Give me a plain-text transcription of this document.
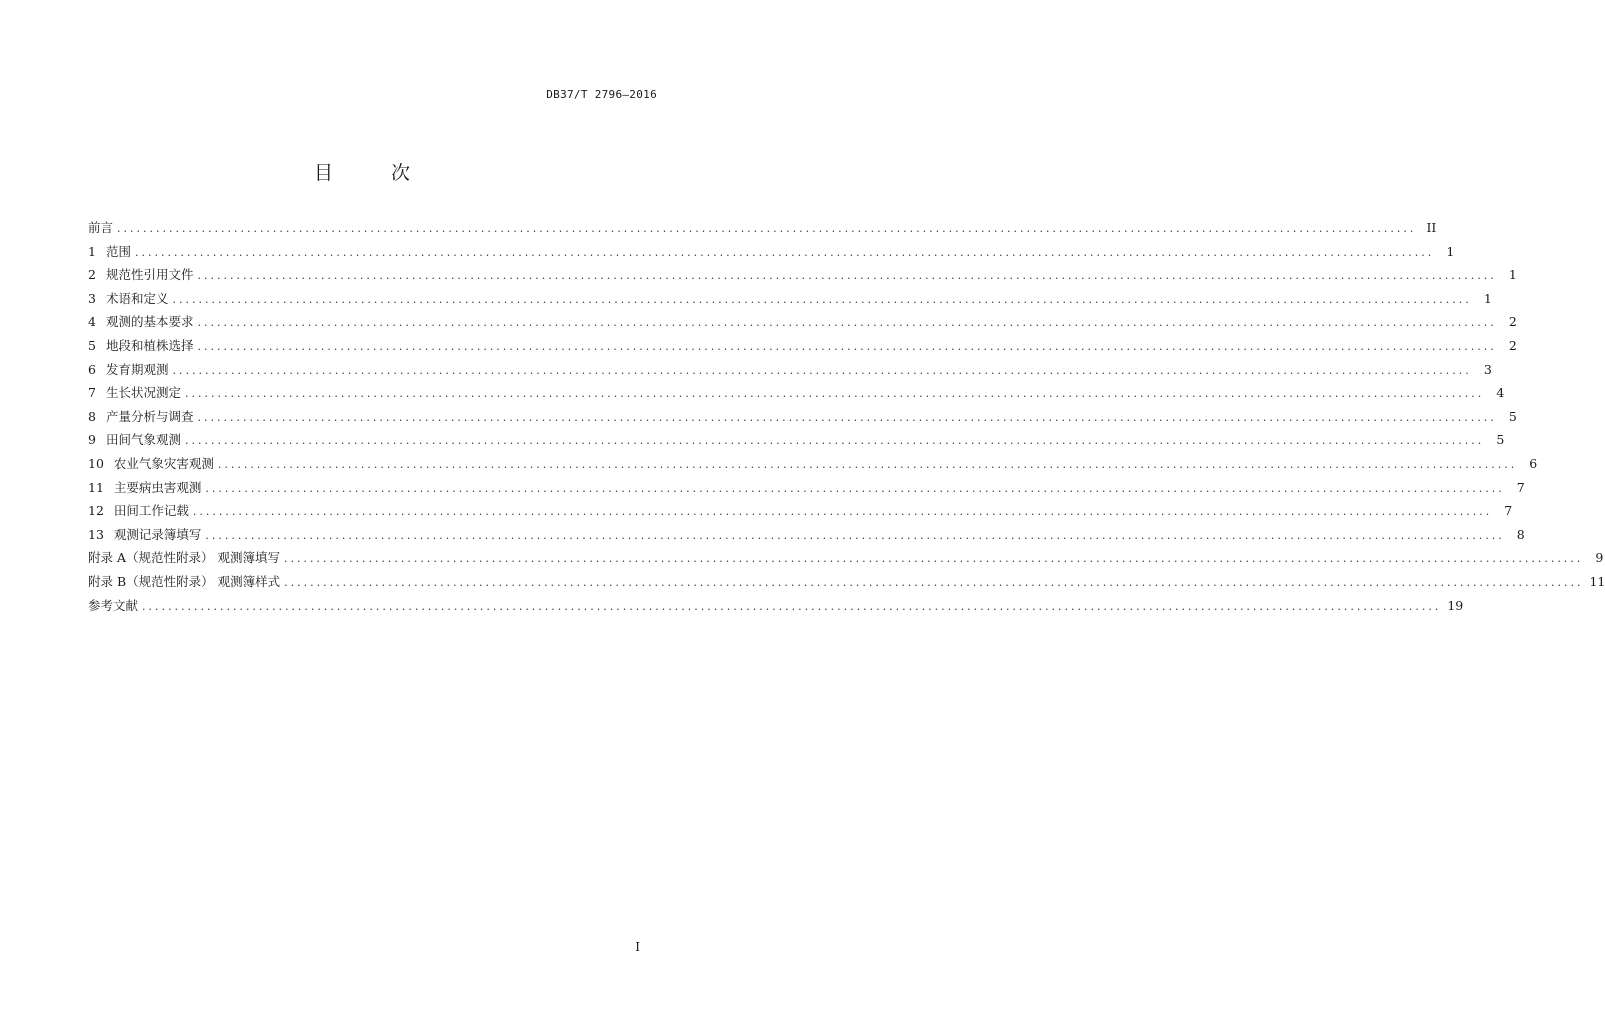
DB37/T 2796—2016
目 次
前言 ........................................................................................................................................................................................................ II
1 范围 ........................................................................................................................................................................................................ 1
2 规范性引用文件 ........................................................................................................................................................................................................ 1
3 术语和定义 ........................................................................................................................................................................................................ 1
4 观测的基本要求 ........................................................................................................................................................................................................ 2
5 地段和植株选择 ........................................................................................................................................................................................................ 2
6 发育期观测 ........................................................................................................................................................................................................ 3
7 生长状况测定 ........................................................................................................................................................................................................ 4
8 产量分析与调查 ........................................................................................................................................................................................................ 5
9 田间气象观测 ........................................................................................................................................................................................................ 5
10 农业气象灾害观测 ........................................................................................................................................................................................................ 6
11 主要病虫害观测 ........................................................................................................................................................................................................ 7
12 田间工作记载 ........................................................................................................................................................................................................ 7
13 观测记录簿填写 ........................................................................................................................................................................................................ 8
附录 A（规范性附录） 观测簿填写 ........................................................................................................................................................................................................ 9
附录 B（规范性附录） 观测簿样式 ........................................................................................................................................................................................................ 11
参考文献 ........................................................................................................................................................................................................ 19
I
